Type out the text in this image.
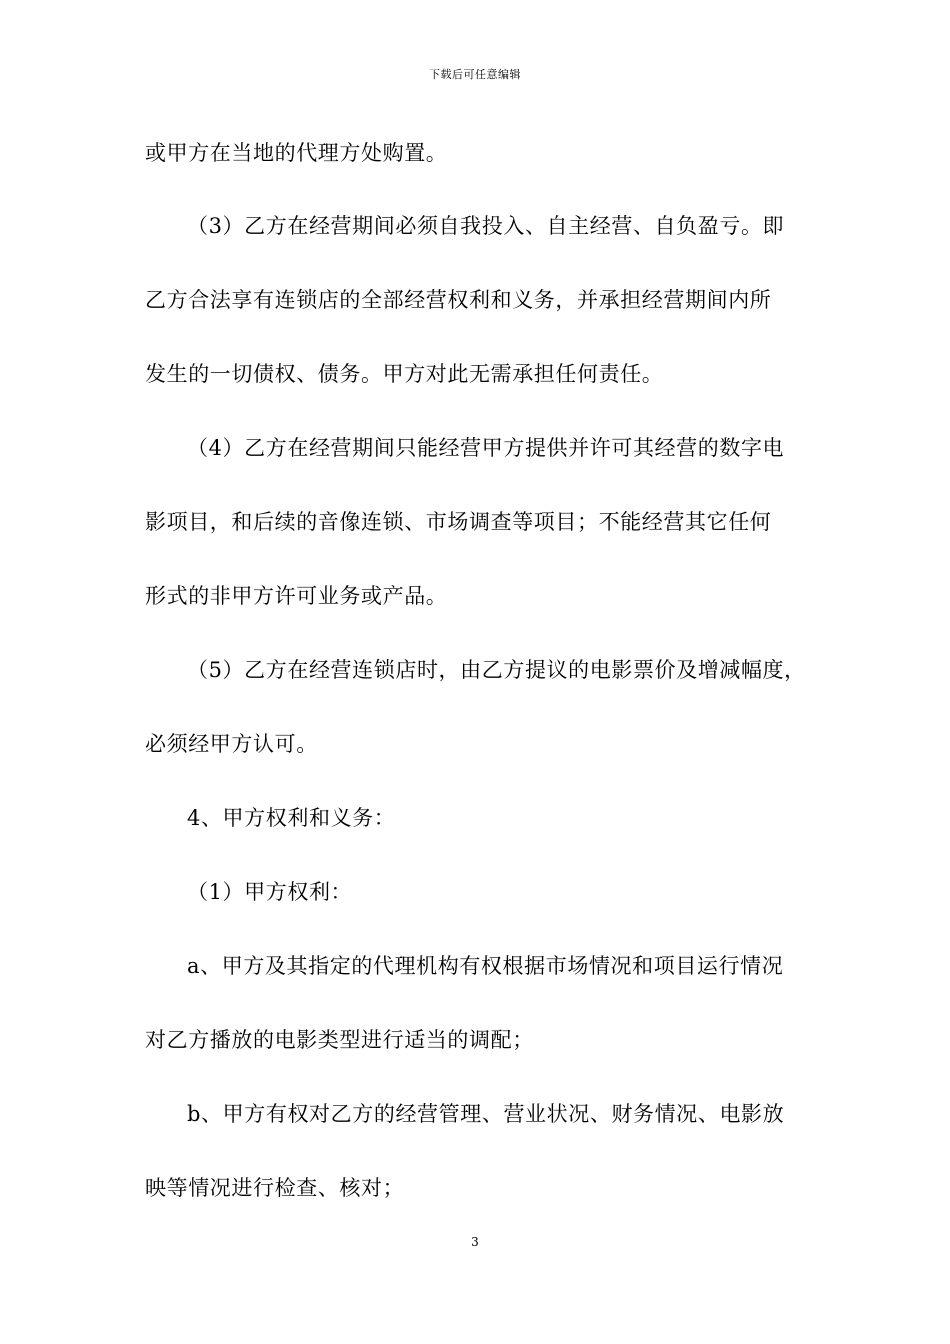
下载后可任意编辑
或甲方在当地的代理方处购置。
（3）乙方在经营期间必须自我投入、自主经营、自负盈亏。即
乙方合法享有连锁店的全部经营权利和义务，并承担经营期间内所
发生的一切债权、债务。甲方对此无需承担任何责任。
（4）乙方在经营期间只能经营甲方提供并许可其经营的数字电
影项目，和后续的音像连锁、市场调查等项目；不能经营其它任何
形式的非甲方许可业务或产品。
（5）乙方在经营连锁店时，由乙方提议的电影票价及增减幅度，
必须经甲方认可。
4、甲方权利和义务：
（1）甲方权利：
a、甲方及其指定的代理机构有权根据市场情况和项目运行情况
对乙方播放的电影类型进行适当的调配；
b、甲方有权对乙方的经营管理、营业状况、财务情况、电影放
映等情况进行检查、核对；
3
